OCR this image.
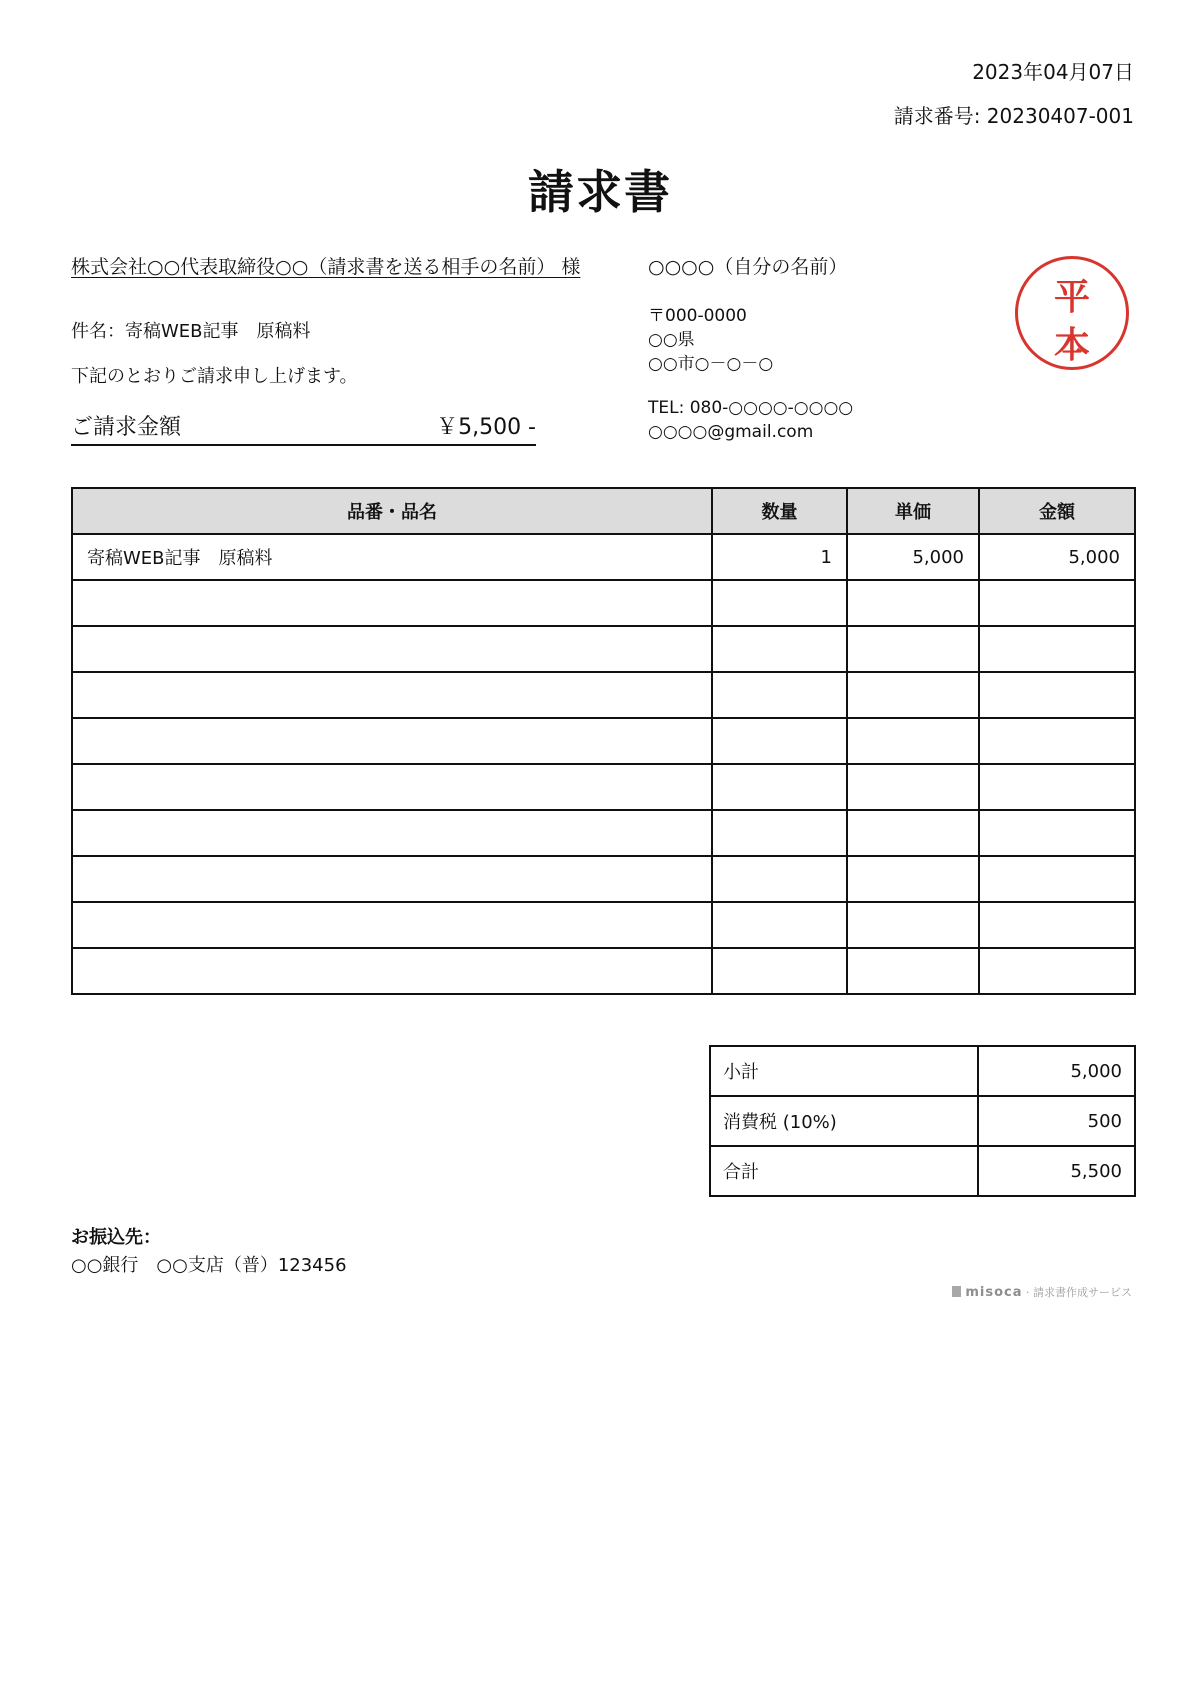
2023年04月07日
請求番号: 20230407-001
請求書
株式会社○○代表取締役○○（請求書を送る相手の名前） 様	○○○○（自分の名前）
件名：寄稿WEB記事　原稿料
下記のとおりご請求申し上げます。
ご請求金額	￥5,500 -
〒000-0000
○○県
○○市○－○－○
TEL: 080-○○○○-○○○○
○○○○@gmail.com
平
本
品番・品名	数量	単価	金額
寄稿WEB記事　原稿料	1	5,000	5,000

小計	5,000
消費税 (10%)	500
合計	5,500
お振込先：
○○銀行　○○支店（普）123456
misoca · 請求書作成サービス
